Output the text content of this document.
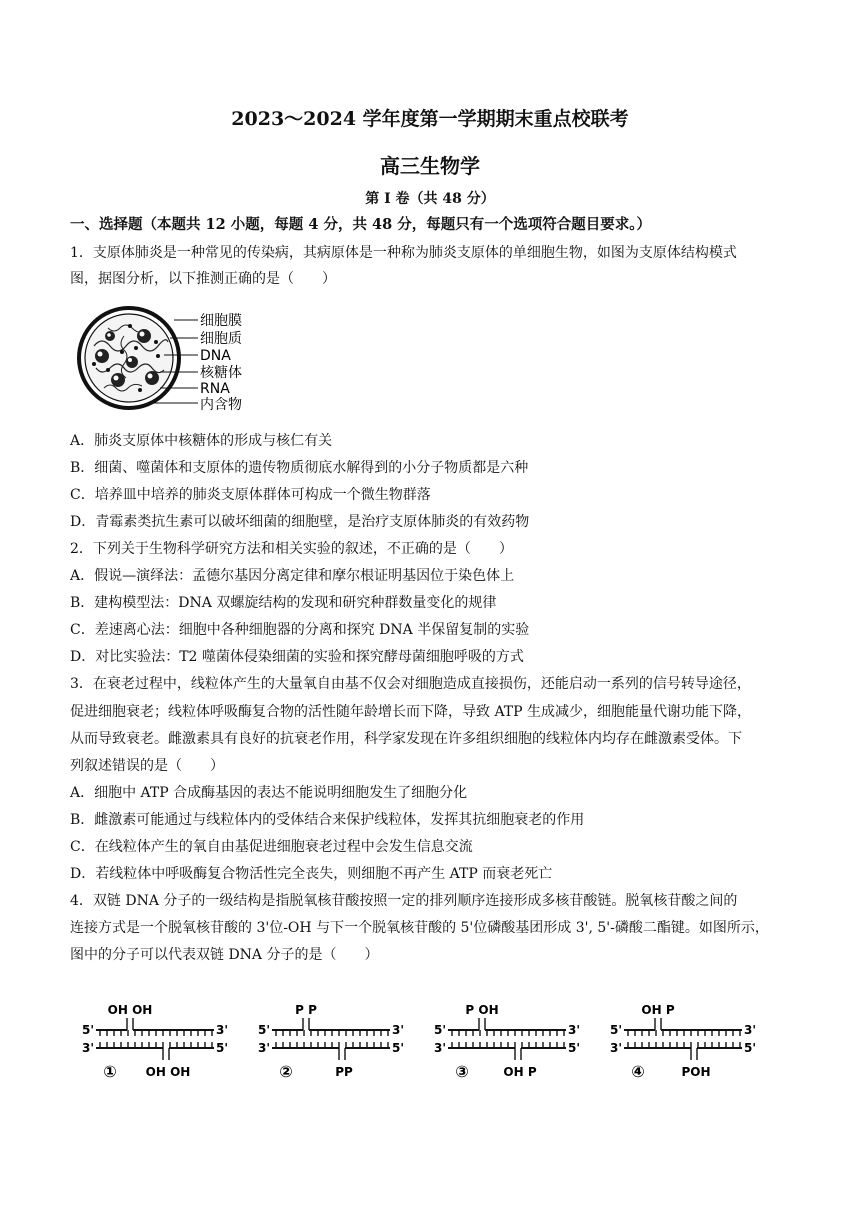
2023～2024 学年度第一学期期末重点校联考
高三生物学
第 I 卷（共 48 分）
一、选择题（本题共 12 小题，每题 4 分，共 48 分，每题只有一个选项符合题目要求。）
1．支原体肺炎是一种常见的传染病，其病原体是一种称为肺炎支原体的单细胞生物，如图为支原体结构模式
图，据图分析，以下推测正确的是（　　）
细胞膜
细胞质
DNA
核糖体
RNA
内含物
A．肺炎支原体中核糖体的形成与核仁有关
B．细菌、噬菌体和支原体的遗传物质彻底水解得到的小分子物质都是六种
C．培养皿中培养的肺炎支原体群体可构成一个微生物群落
D．青霉素类抗生素可以破坏细菌的细胞壁，是治疗支原体肺炎的有效药物
2．下列关于生物科学研究方法和相关实验的叙述，不正确的是（　　）
A．假说—演绎法：孟德尔基因分离定律和摩尔根证明基因位于染色体上
B．建构模型法：DNA 双螺旋结构的发现和研究种群数量变化的规律
C．差速离心法：细胞中各种细胞器的分离和探究 DNA 半保留复制的实验
D．对比实验法：T2 噬菌体侵染细菌的实验和探究酵母菌细胞呼吸的方式
3．在衰老过程中，线粒体产生的大量氧自由基不仅会对细胞造成直接损伤，还能启动一系列的信号转导途径，
促进细胞衰老；线粒体呼吸酶复合物的活性随年龄增长而下降，导致 ATP 生成减少，细胞能量代谢功能下降，
从而导致衰老。雌激素具有良好的抗衰老作用，科学家发现在许多组织细胞的线粒体内均存在雌激素受体。下
列叙述错误的是（　　）
A．细胞中 ATP 合成酶基因的表达不能说明细胞发生了细胞分化
B．雌激素可能通过与线粒体内的受体结合来保护线粒体，发挥其抗细胞衰老的作用
C．在线粒体产生的氧自由基促进细胞衰老过程中会发生信息交流
D．若线粒体中呼吸酶复合物活性完全丧失，则细胞不再产生 ATP 而衰老死亡
4．双链 DNA 分子的一级结构是指脱氧核苷酸按照一定的排列顺序连接形成多核苷酸链。脱氧核苷酸之间的
连接方式是一个脱氧核苷酸的 3'位-OH 与下一个脱氧核苷酸的 5'位磷酸基团形成 3', 5'-磷酸二酯键。如图所示，
图中的分子可以代表双链 DNA 分子的是（　　）
5'	3'
3'	5'
OH OH
OH OH
①
5'	3'
3'	5'
P P
PP
②
5'	3'
3'	5'
P OH
OH P
③
5'	3'
3'	5'
OH P
POH
④
